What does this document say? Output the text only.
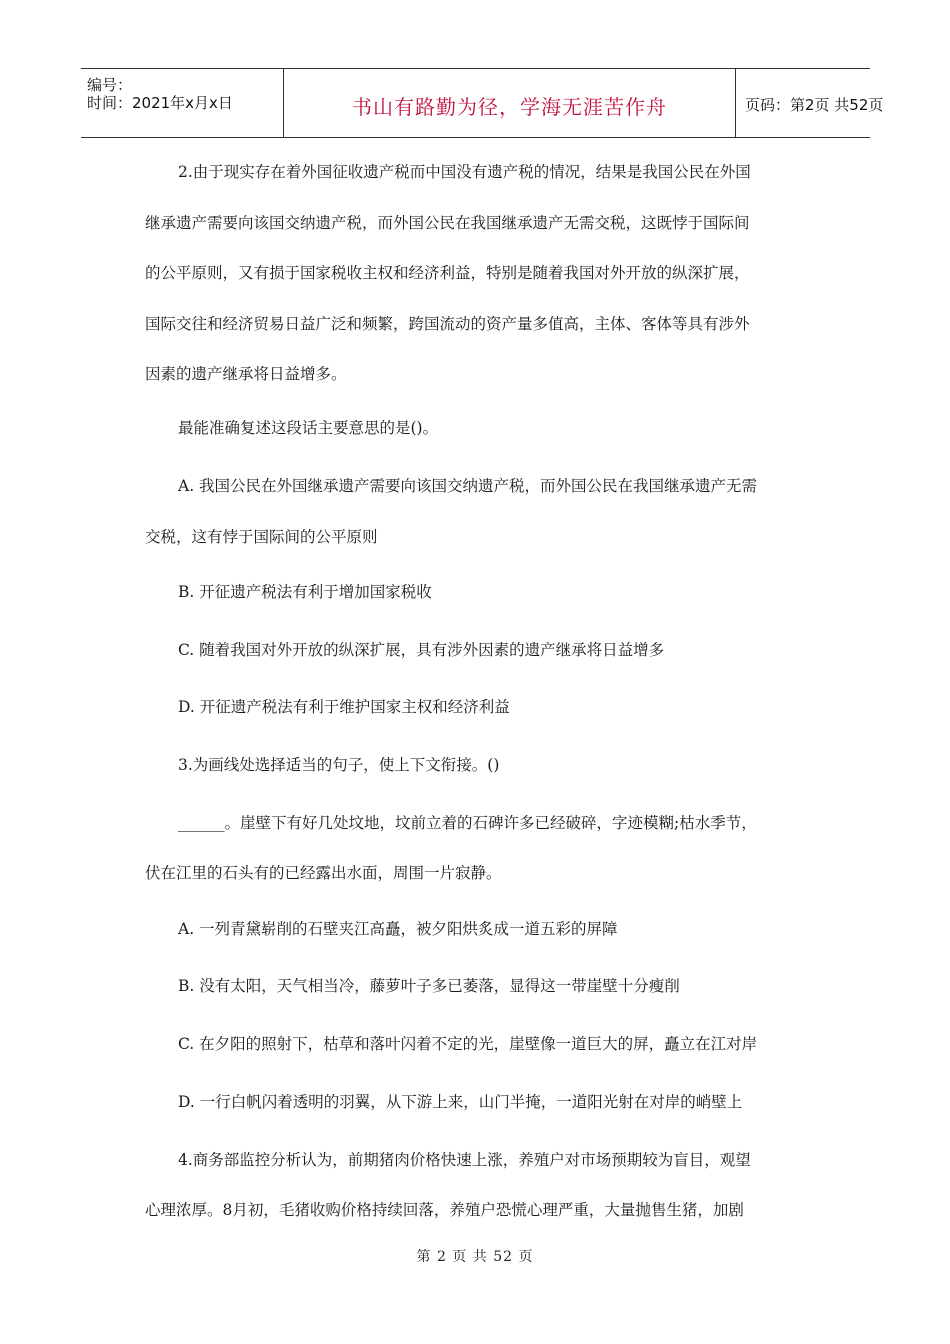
编号：
时间：2021年x月x日	书山有路勤为径，学海无涯苦作舟	页码：第2页 共52页
2.由于现实存在着外国征收遗产税而中国没有遗产税的情况，结果是我国公民在外国
继承遗产需要向该国交纳遗产税，而外国公民在我国继承遗产无需交税，这既悖于国际间
的公平原则，又有损于国家税收主权和经济利益，特别是随着我国对外开放的纵深扩展，
国际交往和经济贸易日益广泛和频繁，跨国流动的资产量多值高，主体、客体等具有涉外
因素的遗产继承将日益增多。
最能准确复述这段话主要意思的是()。
A. 我国公民在外国继承遗产需要向该国交纳遗产税，而外国公民在我国继承遗产无需
交税，这有悖于国际间的公平原则
B. 开征遗产税法有利于增加国家税收
C. 随着我国对外开放的纵深扩展，具有涉外因素的遗产继承将日益增多
D. 开征遗产税法有利于维护国家主权和经济利益
3.为画线处选择适当的句子，使上下文衔接。()
______。崖壁下有好几处坟地，坟前立着的石碑许多已经破碎，字迹模糊;枯水季节，
伏在江里的石头有的已经露出水面，周围一片寂静。
A. 一列青黛崭削的石壁夹江高矗，被夕阳烘炙成一道五彩的屏障
B. 没有太阳，天气相当冷，藤萝叶子多已萎落，显得这一带崖壁十分瘦削
C. 在夕阳的照射下，枯草和落叶闪着不定的光，崖壁像一道巨大的屏，矗立在江对岸
D. 一行白帆闪着透明的羽翼，从下游上来，山门半掩，一道阳光射在对岸的峭壁上
4.商务部监控分析认为，前期猪肉价格快速上涨，养殖户对市场预期较为盲目，观望
心理浓厚。8月初，毛猪收购价格持续回落，养殖户恐慌心理严重，大量抛售生猪，加剧
第 2 页 共 52 页
